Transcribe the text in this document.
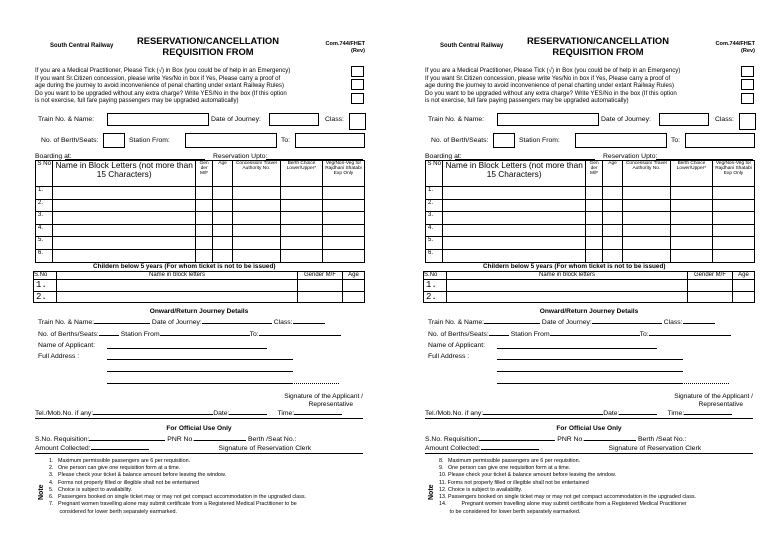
South Central Railway	RESERVATION/CANCELLATION REQUISITION FROM
Com.744/FHET
(Rev)
If you are a Medical Practitioner, Please Tick (√) in Box (you could be of help in an Emergency)
If you want Sr.Citizen concession, please write Yes/No in box if Yes, Please carry a proof of
age during the journey to avoid inconvenience of penal charting under extant Railway Rules)
Do you want to be upgraded without any extra charge? Write YES/No in the box (If this option
is not exercise, full fare paying passengers may be upgraded automatically)
Train No. & Name:	Date of Journey:	Class:
No. of Berth/Seats:	Station From:	To:
Boarding at:	Reservation Upto:
S No	Name in Block Letters (not more than 15 Characters)	Gen der M/F	Age	Concession/ Travel Authority No.	Berth Choice Lower/Upper*	Veg/Non-Veg for Rajdhani Shatabi Exp Only
1.						
2.						
3.						
4.						
5.						
6.						
Childern below 5 years (For whom ticket is not to be issued)
S.No	Name in block letters	Gender M/F	Age
1.			
2.			
Onward/Return Journey Details
Train No. & Name:	Date of Journey:	Class:
No. of Berths/Seats:	Station From	To:
Name of Applicant:
Full Address :
Signature of the Applicant /
Representative
Tel./Mob.No. if any:	Date:	Time:
For Official Use Only
S.No. Requisition:	PNR No.	Berth /Seat No.:
Amount Collected:	Signature of Reservation Clerk
Note
1.   Maximum permissible passengers are 6 per requisition.
2.   One person can give one requisition form at a time.
3.   Please check your ticket & balance amount before leaving the window.
4.   Forms not properly filled or illegible shall not be entertained
5.   Choice is subject to availability.
6.   Passengers booked on single ticket may or may not get compact accommodation in the upgraded class.
7.   Pregnant women travelling alone may submit certificate from a Registered Medical Practitioner to be
considered for lower berth separately earmarked.
South Central Railway	RESERVATION/CANCELLATION REQUISITION FROM
Com.744/FHET
(Rev)
If you are a Medical Practitioner, Please Tick (√) in Box (you could be of help in an Emergency)
If you want Sr.Citizen concession, please write Yes/No in box if Yes, Please carry a proof of
age during the journey to avoid inconvenience of penal charting under extant Railway Rules)
Do you want to be upgraded without any extra charge? Write YES/No in the box (If this option
is not exercise, full fare paying passengers may be upgraded automatically)
Train No. & Name:	Date of Journey:	Class:
No. of Berth/Seats:	Station From:	To:
Boarding at:	Reservation Upto:
S No	Name in Block Letters (not more than 15 Characters)	Gen der M/F	Age	Concession/ Travel Authority No.	Berth Choice Lower/Upper*	Veg/Non-Veg for Rajdhani Shatabi Exp Only
1.						
2.						
3.						
4.						
5.						
6.						
Childern below 5 years (For whom ticket is not to be issued)
S.No	Name in block letters	Gender M/F	Age
1.			
2.			
Onward/Return Journey Details
Train No. & Name:	Date of Journey:	Class:
No. of Berths/Seats:	Station From	To:
Name of Applicant:
Full Address :
Signature of the Applicant /
Representative
Tel./Mob.No. if any:	Date:	Time:
For Official Use Only
S.No. Requisition:	PNR No.	Berth /Seat No.:
Amount Collected:	Signature of Reservation Clerk
Note
8.   Maximum permissible passengers are 6 per requisition.
9.   One person can give one requisition form at a time.
10. Please check your ticket & balance amount before leaving the window.
11. Forms not properly filled or illegible shall not be entertained
12. Choice is subject to availability.
13. Passengers booked on single ticket may or may not get compact accommodation in the upgraded class.
14.          Pregnant women travelling alone may submit certificate from a Registered Medical Practitioner
to be considered for lower berth separately earmarked.
